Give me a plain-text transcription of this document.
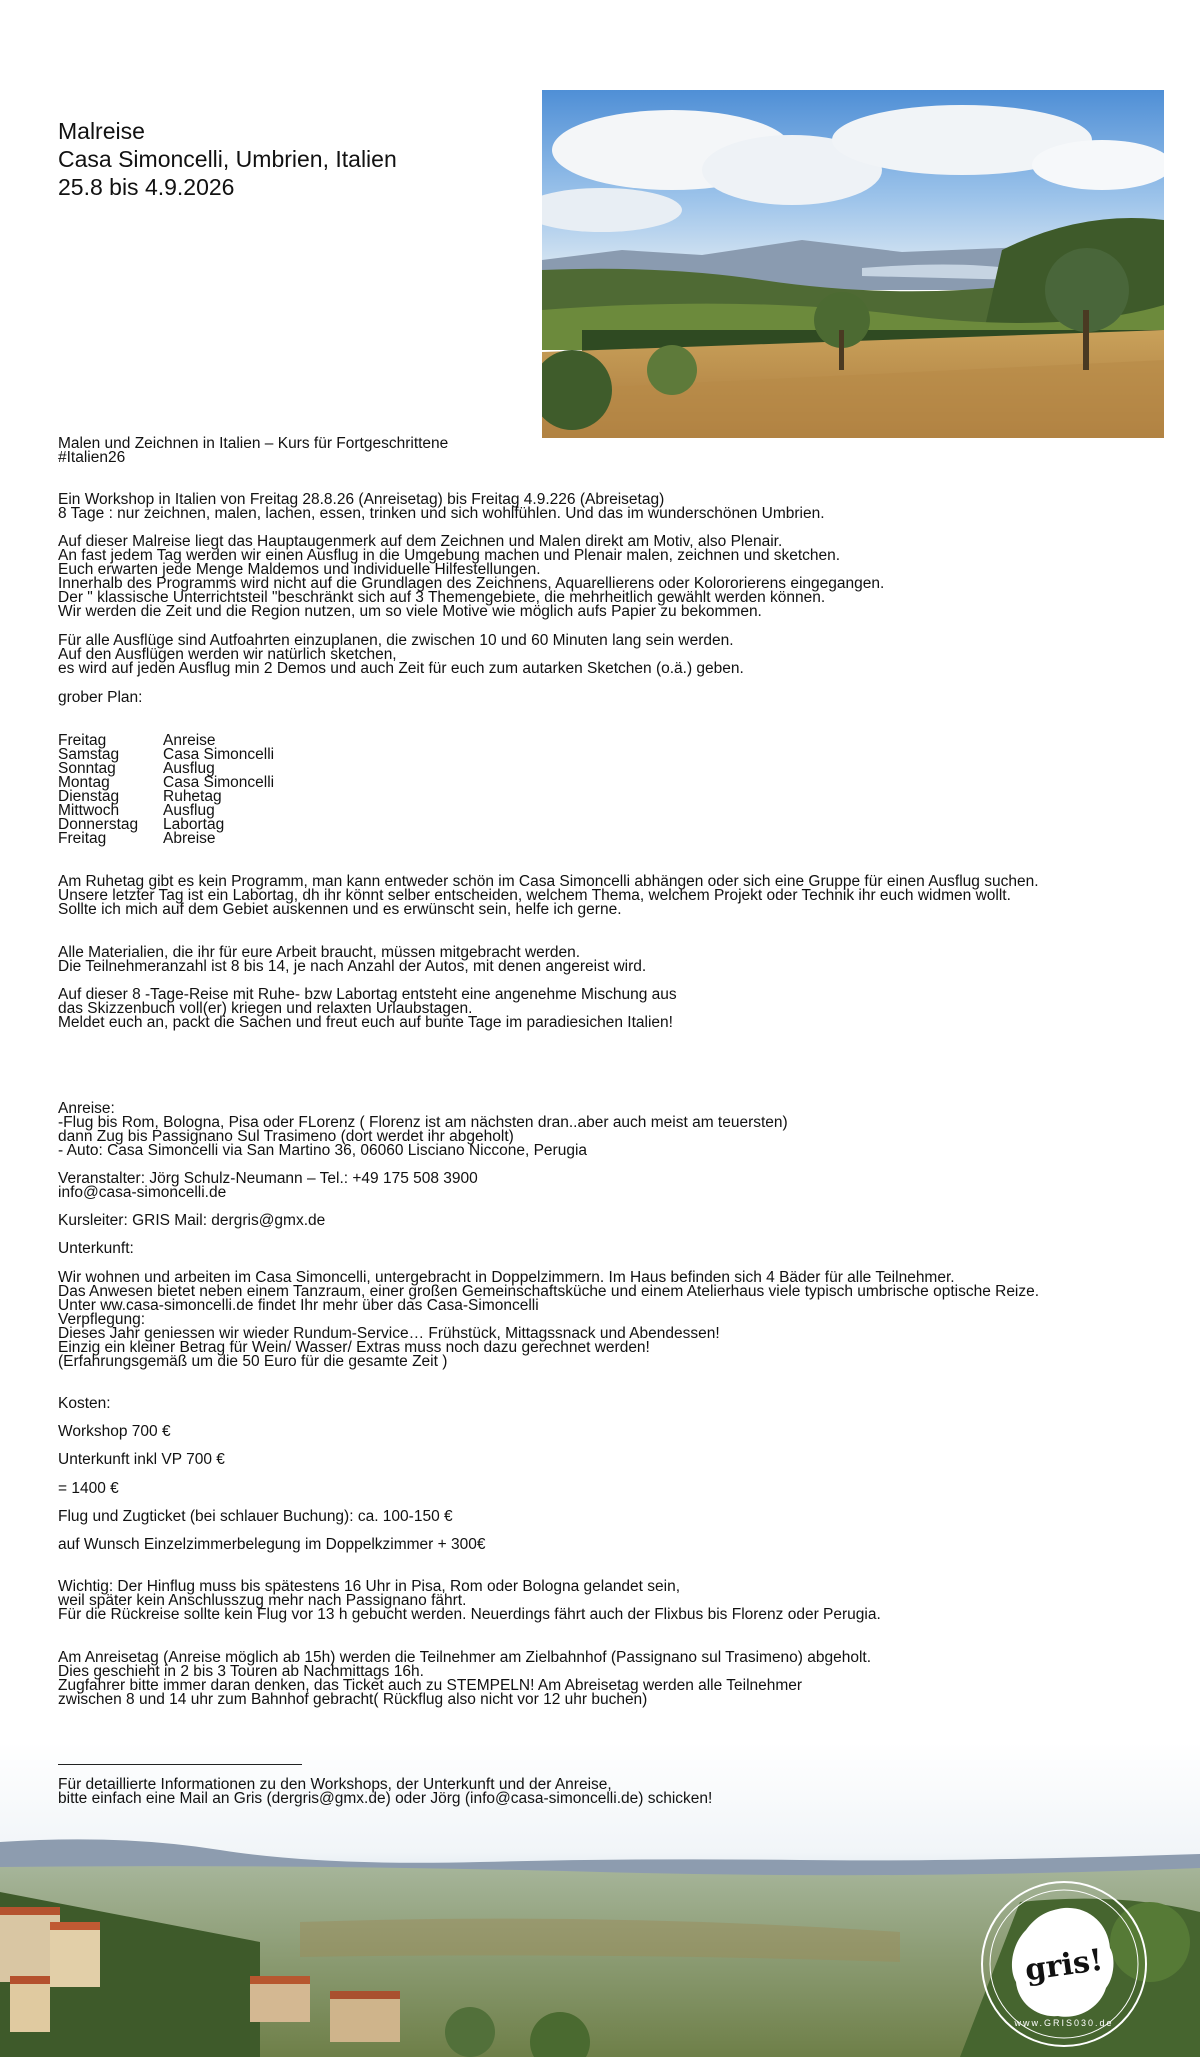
Malreise
Casa Simoncelli, Umbrien, Italien
25.8 bis 4.9.2026
Malen und Zeichnen in Italien – Kurs für Fortgeschrittene
#Italien26
Ein Workshop in Italien von Freitag 28.8.26 (Anreisetag) bis Freitag 4.9.226 (Abreisetag)
8 Tage : nur zeichnen, malen, lachen, essen, trinken und sich wohlfühlen. Und das im wunderschönen Umbrien.
Auf dieser Malreise liegt das Hauptaugenmerk auf dem Zeichnen und Malen direkt am Motiv, also Plenair.
An fast jedem Tag werden wir einen Ausflug in die Umgebung machen und Plenair malen, zeichnen und sketchen.
Euch erwarten jede Menge Maldemos und individuelle Hilfestellungen.
Innerhalb des Programms wird nicht auf die Grundlagen des Zeichnens, Aquarellierens oder Kolororierens eingegangen.
Der " klassische Unterrichtsteil "beschränkt sich auf 3 Themengebiete, die mehrheitlich gewählt werden können.
Wir werden die Zeit und die Region nutzen, um so viele Motive wie möglich aufs Papier zu bekommen.
Für alle Ausflüge sind Autfoahrten einzuplanen, die zwischen 10 und 60 Minuten lang sein werden.
Auf den Ausflügen werden wir natürlich sketchen,
es wird auf jeden Ausflug min 2 Demos und auch Zeit für euch zum autarken Sketchen (o.ä.) geben.
grober Plan:
Freitag	Anreise
Samstag	Casa Simoncelli
Sonntag	Ausflug
Montag	Casa Simoncelli
Dienstag	Ruhetag
Mittwoch	Ausflug
Donnerstag	Labortag
Freitag	Abreise
Am Ruhetag gibt es kein Programm, man kann entweder schön im Casa Simoncelli abhängen oder sich eine Gruppe für einen Ausflug suchen.
Unsere letzter Tag ist ein Labortag, dh ihr könnt selber entscheiden, welchem Thema, welchem Projekt oder Technik ihr euch widmen wollt.
Sollte ich mich auf dem Gebiet auskennen und es erwünscht sein, helfe ich gerne.
Alle Materialien, die ihr für eure Arbeit braucht, müssen mitgebracht werden.
Die Teilnehmeranzahl ist 8 bis 14, je nach Anzahl der Autos, mit denen angereist wird.
Auf dieser 8 -Tage-Reise mit Ruhe- bzw Labortag entsteht eine angenehme Mischung aus
das Skizzenbuch voll(er) kriegen und relaxten Urlaubstagen.
Meldet euch an, packt die Sachen und freut euch auf bunte Tage im paradiesichen Italien!
Anreise:
-Flug bis Rom, Bologna, Pisa oder FLorenz ( Florenz ist am nächsten dran..aber auch meist am teuersten)
dann Zug bis Passignano Sul Trasimeno (dort werdet ihr abgeholt)
- Auto: Casa Simoncelli via San Martino 36, 06060 Lisciano Niccone, Perugia
Veranstalter: Jörg Schulz-Neumann – Tel.: +49 175 508 3900
info@casa-simoncelli.de
Kursleiter: GRIS Mail: dergris@gmx.de
Unterkunft:
Wir wohnen und arbeiten im Casa Simoncelli, untergebracht in Doppelzimmern. Im Haus befinden sich 4 Bäder für alle Teilnehmer.
Das Anwesen bietet neben einem Tanzraum, einer großen Gemeinschaftsküche und einem Atelierhaus viele typisch umbrische optische Reize.
Unter ww.casa-simoncelli.de findet Ihr mehr über das Casa-Simoncelli
Verpflegung:
Dieses Jahr geniessen wir wieder Rundum-Service… Frühstück, Mittagssnack und Abendessen!
Einzig ein kleiner Betrag für Wein/ Wasser/ Extras muss noch dazu gerechnet werden!
(Erfahrungsgemäß um die 50 Euro für die gesamte Zeit )
Kosten:
Workshop 700 €
Unterkunft inkl VP 700 €
= 1400 €
Flug und Zugticket (bei schlauer Buchung): ca. 100-150 €
auf Wunsch Einzelzimmerbelegung im Doppelkzimmer + 300€
Wichtig: Der Hinflug muss bis spätestens 16 Uhr in Pisa, Rom oder Bologna gelandet sein,
weil später kein Anschlusszug mehr nach Passignano fährt.
Für die Rückreise sollte kein Flug vor 13 h gebucht werden. Neuerdings fährt auch der Flixbus bis Florenz oder Perugia.
Am Anreisetag (Anreise möglich ab 15h) werden die Teilnehmer am Zielbahnhof (Passignano sul Trasimeno) abgeholt.
Dies geschieht in 2 bis 3 Touren ab Nachmittags 16h.
Zugfahrer bitte immer daran denken, das Ticket auch zu STEMPELN! Am Abreisetag werden alle Teilnehmer
zwischen 8 und 14 uhr zum Bahnhof gebracht( Rückflug also nicht vor 12 uhr buchen)
Für detaillierte Informationen zu den Workshops, der Unterkunft und der Anreise,
bitte einfach eine Mail an Gris (dergris@gmx.de) oder Jörg (info@casa-simoncelli.de) schicken!
gris!
www.GRIS030.de
